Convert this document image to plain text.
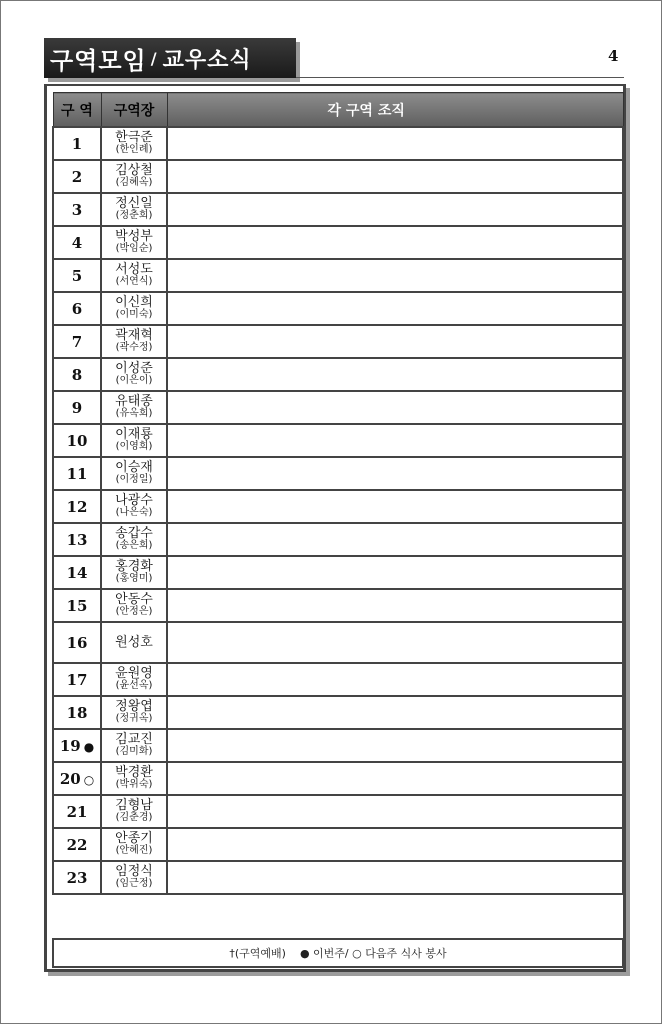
구역모임 / 교우소식	4
구 역	구역장	각 구역 조직
1	한극준
(한인례)	

2	김상철
(김혜옥)	

3	정신일
(정춘희)	

4	박성부
(박임순)	

5	서성도
(서연식)	

6	이신희
(이미숙)	

7	곽재혁
(곽수정)	

8	이성준
(이은이)	

9	유태종
(유옥희)	

10	이재룡
(이영희)	

11	이승재
(이정일)	

12	나광수
(나은숙)	

13	송갑수
(송은희)	

14	홍경화
(홍영미)	

15	안동수
(안정은)	

16	원성호	

17	윤원영
(윤선옥)	

18	정왕엽
(정귀옥)	

19 ●	김교진
(김미화)	

20 ○	박경환
(박위숙)	

21	김형남
(김춘경)	

22	안종기
(안혜진)	

23	임정식
(임근정)	

†(구역예배)    ● 이번주/ ○ 다음주 식사 봉사
